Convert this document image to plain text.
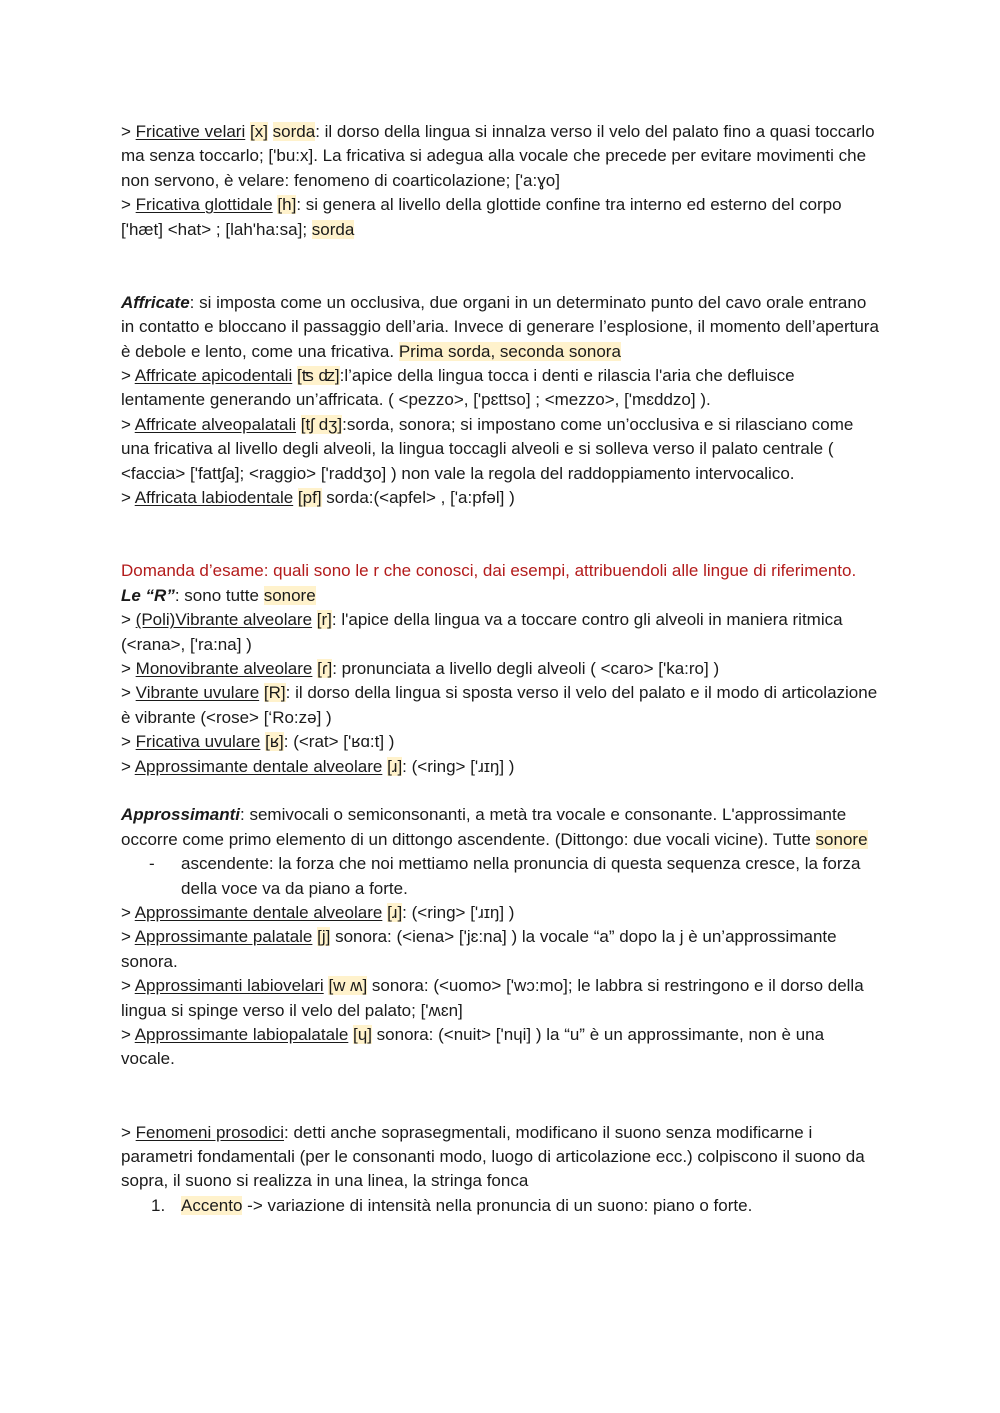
> Fricative velari [x] sorda: il dorso della lingua si innalza verso il velo del palato fino a quasi toccarlo ma senza toccarlo; ['bu:x]. La fricativa si adegua alla vocale che precede per evitare movimenti che non servono, è velare: fenomeno di coarticolazione; ['a:ɣo]

> Fricativa glottidale [h]: si genera al livello della glottide confine tra interno ed esterno del corpo ['hæt] <hat> ; [lah'ha:sa]; sorda

Affricate: si imposta come un occlusiva, due organi in un determinato punto del cavo orale entrano in contatto e bloccano il passaggio dell’aria. Invece di generare l’esplosione, il momento dell’apertura è debole e lento, come una fricativa. Prima sorda, seconda sonora

> Affricate apicodentali [ʦ ʣ]:l’apice della lingua tocca i denti e rilascia l'aria che defluisce lentamente generando un’affricata. ( <pezzo>, ['pɛttso] ; <mezzo>, ['mɛddzo] ).

> Affricate alveopalatali [tʃ dʒ]:sorda, sonora; si impostano come un’occlusiva e si rilasciano come una fricativa al livello degli alveoli, la lingua toccagli alveoli e si solleva verso il palato centrale ( <faccia> ['fattʃa]; <raggio> ['raddʒo] ) non vale la regola del raddoppiamento intervocalico.

> Affricata labiodentale [pf] sorda:(<apfel> , ['a:pfəl] )

Domanda d’esame: quali sono le r che conosci, dai esempi, attribuendoli alle lingue di riferimento.

Le “R”: sono tutte sonore

> (Poli)Vibrante alveolare [r]: l'apice della lingua va a toccare contro gli alveoli in maniera ritmica (<rana>, ['ra:na] )

> Monovibrante alveolare [ɾ]: pronunciata a livello degli alveoli ( <caro> ['ka:ro] )

> Vibrante uvulare [R]: il dorso della lingua si sposta verso il velo del palato e il modo di articolazione è vibrante (<rose> [‘Ro:zə] )

> Fricativa uvulare [ʁ]: (<rat> ['ʁɑ:t] )

> Approssimante dentale alveolare [ɹ]: (<ring> ['ɹɪŋ] )

Approssimanti: semivocali o semiconsonanti, a metà tra vocale e consonante. L'approssimante occorre come primo elemento di un dittongo ascendente. (Dittongo: due vocali vicine). Tutte sonore

- ascendente: la forza che noi mettiamo nella pronuncia di questa sequenza cresce, la forza della voce va da piano a forte.

> Approssimante dentale alveolare [ɹ]: (<ring> ['ɹɪŋ] )

> Approssimante palatale [j] sonora: (<iena> ['jɛ:na] ) la vocale “a” dopo la j è un’approssimante sonora.

> Approssimanti labiovelari [w ʍ] sonora: (<uomo> ['wɔ:mo]; le labbra si restringono e il dorso della lingua si spinge verso il velo del palato; ['ʍɛn]

> Approssimante labiopalatale [ɥ] sonora: (<nuit> ['nɥi] ) la “u” è un approssimante, non è una vocale.

> Fenomeni prosodici: detti anche soprasegmentali, modificano il suono senza modificarne i parametri fondamentali (per le consonanti modo, luogo di articolazione ecc.) colpiscono il suono da sopra, il suono si realizza in una linea, la stringa fonca

1. Accento -> variazione di intensità nella pronuncia di un suono: piano o forte.
